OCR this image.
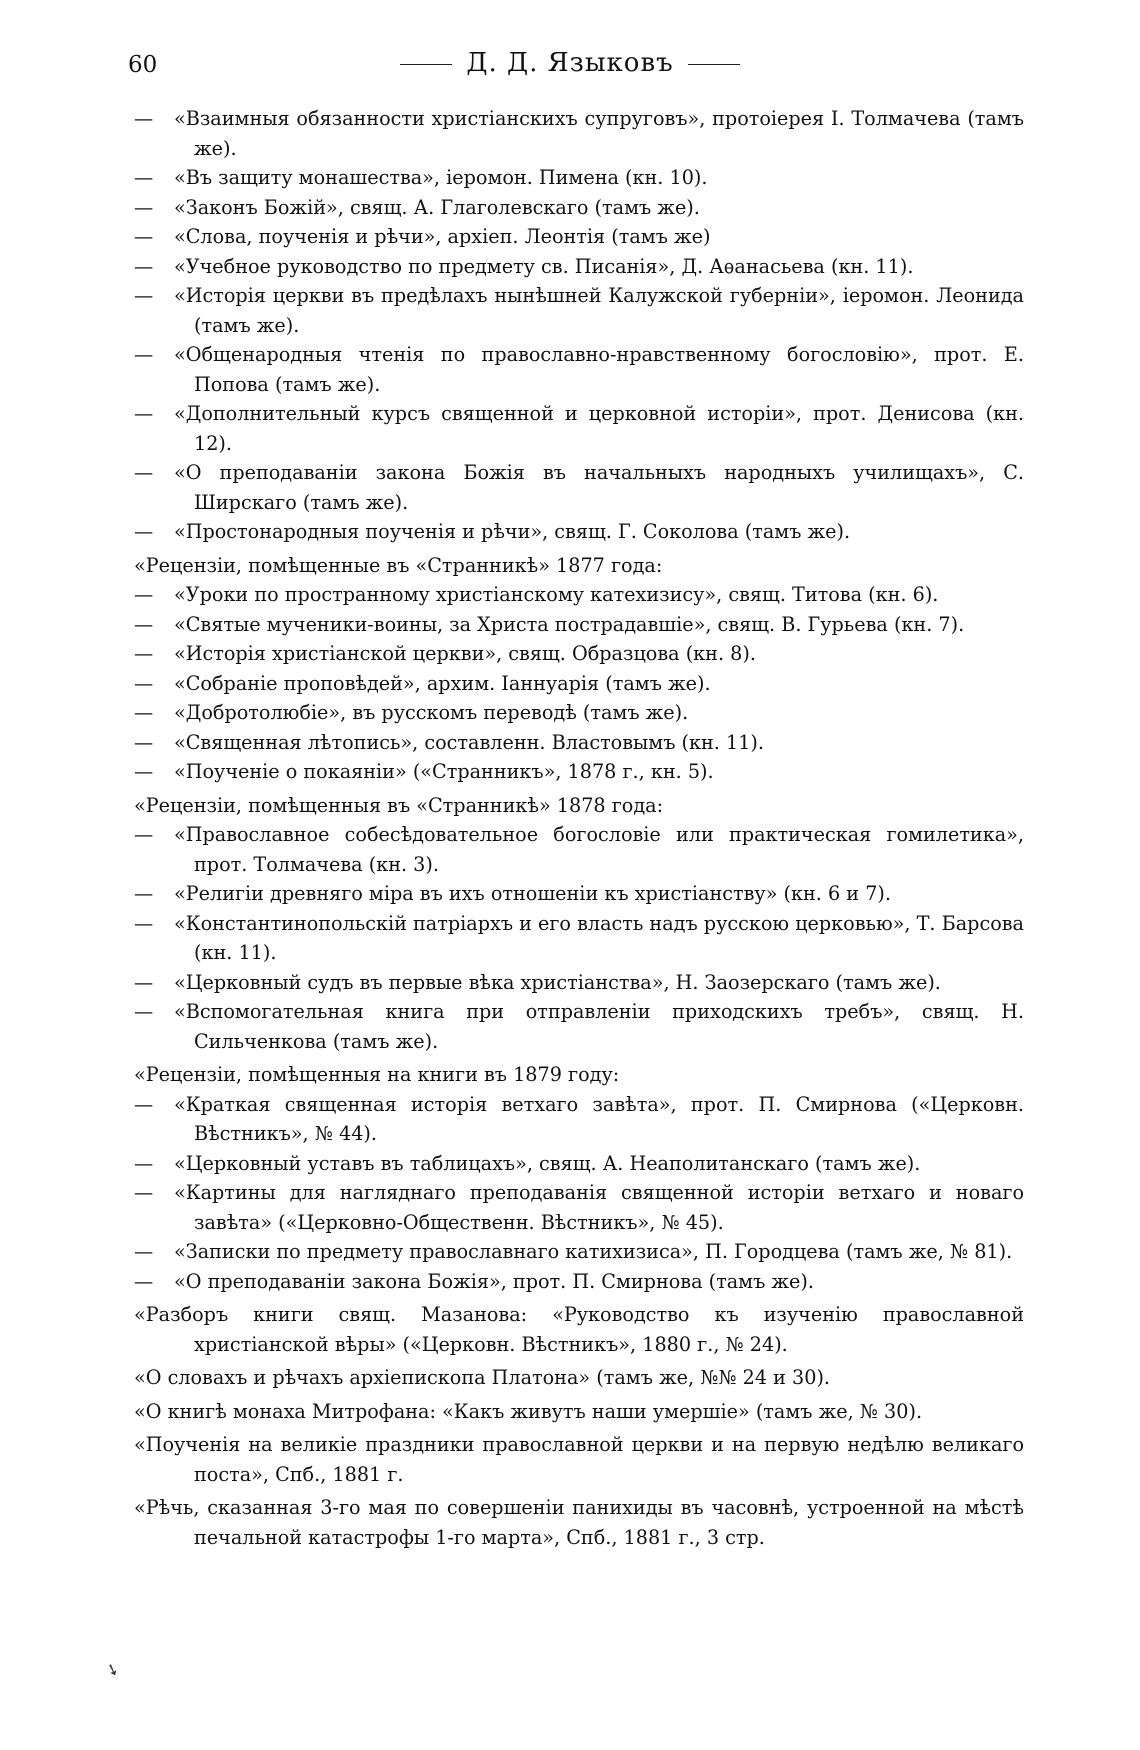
60	Д. Д. Языковъ
— «Взаимныя обязанности христіанскихъ супруговъ», протоіерея І. Толмачева (тамъ же).
— «Въ защиту монашества», іеромон. Пимена (кн. 10).
— «Законъ Божій», свящ. А. Глаголевскаго (тамъ же).
— «Слова, поученія и рѣчи», архіеп. Леонтія (тамъ же)
— «Учебное руководство по предмету св. Писанія», Д. Аѳанасьева (кн. 11).
— «Исторія церкви въ предѣлахъ нынѣшней Калужской губерніи», іеромон. Леонида (тамъ же).
— «Общенародныя чтенія по православно-нравственному богословію», прот. Е. Попова (тамъ же).
— «Дополнительный курсъ священной и церковной исторіи», прот. Денисова (кн. 12).
— «О преподаваніи закона Божія въ начальныхъ народныхъ училищахъ», С. Ширскаго (тамъ же).
— «Простонародныя поученія и рѣчи», свящ. Г. Соколова (тамъ же).
«Рецензіи, помѣщенные въ «Странникѣ» 1877 года:
— «Уроки по пространному христіанскому катехизису», свящ. Титова (кн. 6).
— «Святые мученики-воины, за Христа пострадавшіе», свящ. В. Гурьева (кн. 7).
— «Исторія христіанской церкви», свящ. Образцова (кн. 8).
— «Собраніе проповѣдей», архим. Іаннуарія (тамъ же).
— «Добротолюбіе», въ русскомъ переводѣ (тамъ же).
— «Священная лѣтопись», составленн. Властовымъ (кн. 11).
— «Поученіе о покаяніи» («Странникъ», 1878 г., кн. 5).
«Рецензіи, помѣщенныя въ «Странникѣ» 1878 года:
— «Православное собесѣдовательное богословіе или практическая гомилетика», прот. Толмачева (кн. 3).
— «Религіи древняго міра въ ихъ отношеніи къ христіанству» (кн. 6 и 7).
— «Константинопольскій патріархъ и его власть надъ русскою церковью», Т. Барсова (кн. 11).
— «Церковный судъ въ первые вѣка христіанства», Н. Заозерскаго (тамъ же).
— «Вспомогательная книга при отправленіи приходскихъ требъ», свящ. Н. Сильченкова (тамъ же).
«Рецензіи, помѣщенныя на книги въ 1879 году:
— «Краткая священная исторія ветхаго завѣта», прот. П. Смирнова («Церковн. Вѣстникъ», № 44).
— «Церковный уставъ въ таблицахъ», свящ. А. Неаполитанскаго (тамъ же).
— «Картины для нагляднаго преподаванія священной исторіи ветхаго и новаго завѣта» («Церковно-Общественн. Вѣстникъ», № 45).
— «Записки по предмету православнаго катихизиса», П. Городцева (тамъ же, № 81).
— «О преподаваніи закона Божія», прот. П. Смирнова (тамъ же).
«Разборъ книги свящ. Мазанова: «Руководство къ изученію православной христіанской вѣры» («Церковн. Вѣстникъ», 1880 г., № 24).
«О словахъ и рѣчахъ архіепископа Платона» (тамъ же, №№ 24 и 30).
«О книгѣ монаха Митрофана: «Какъ живутъ наши умершіе» (тамъ же, № 30).
«Поученія на великіе праздники православной церкви и на первую недѣлю великаго поста», Спб., 1881 г.
«Рѣчь, сказанная 3-го мая по совершеніи панихиды въ часовнѣ, устроенной на мѣстѣ печальной катастрофы 1-го марта», Спб., 1881 г., 3 стр.
➘
